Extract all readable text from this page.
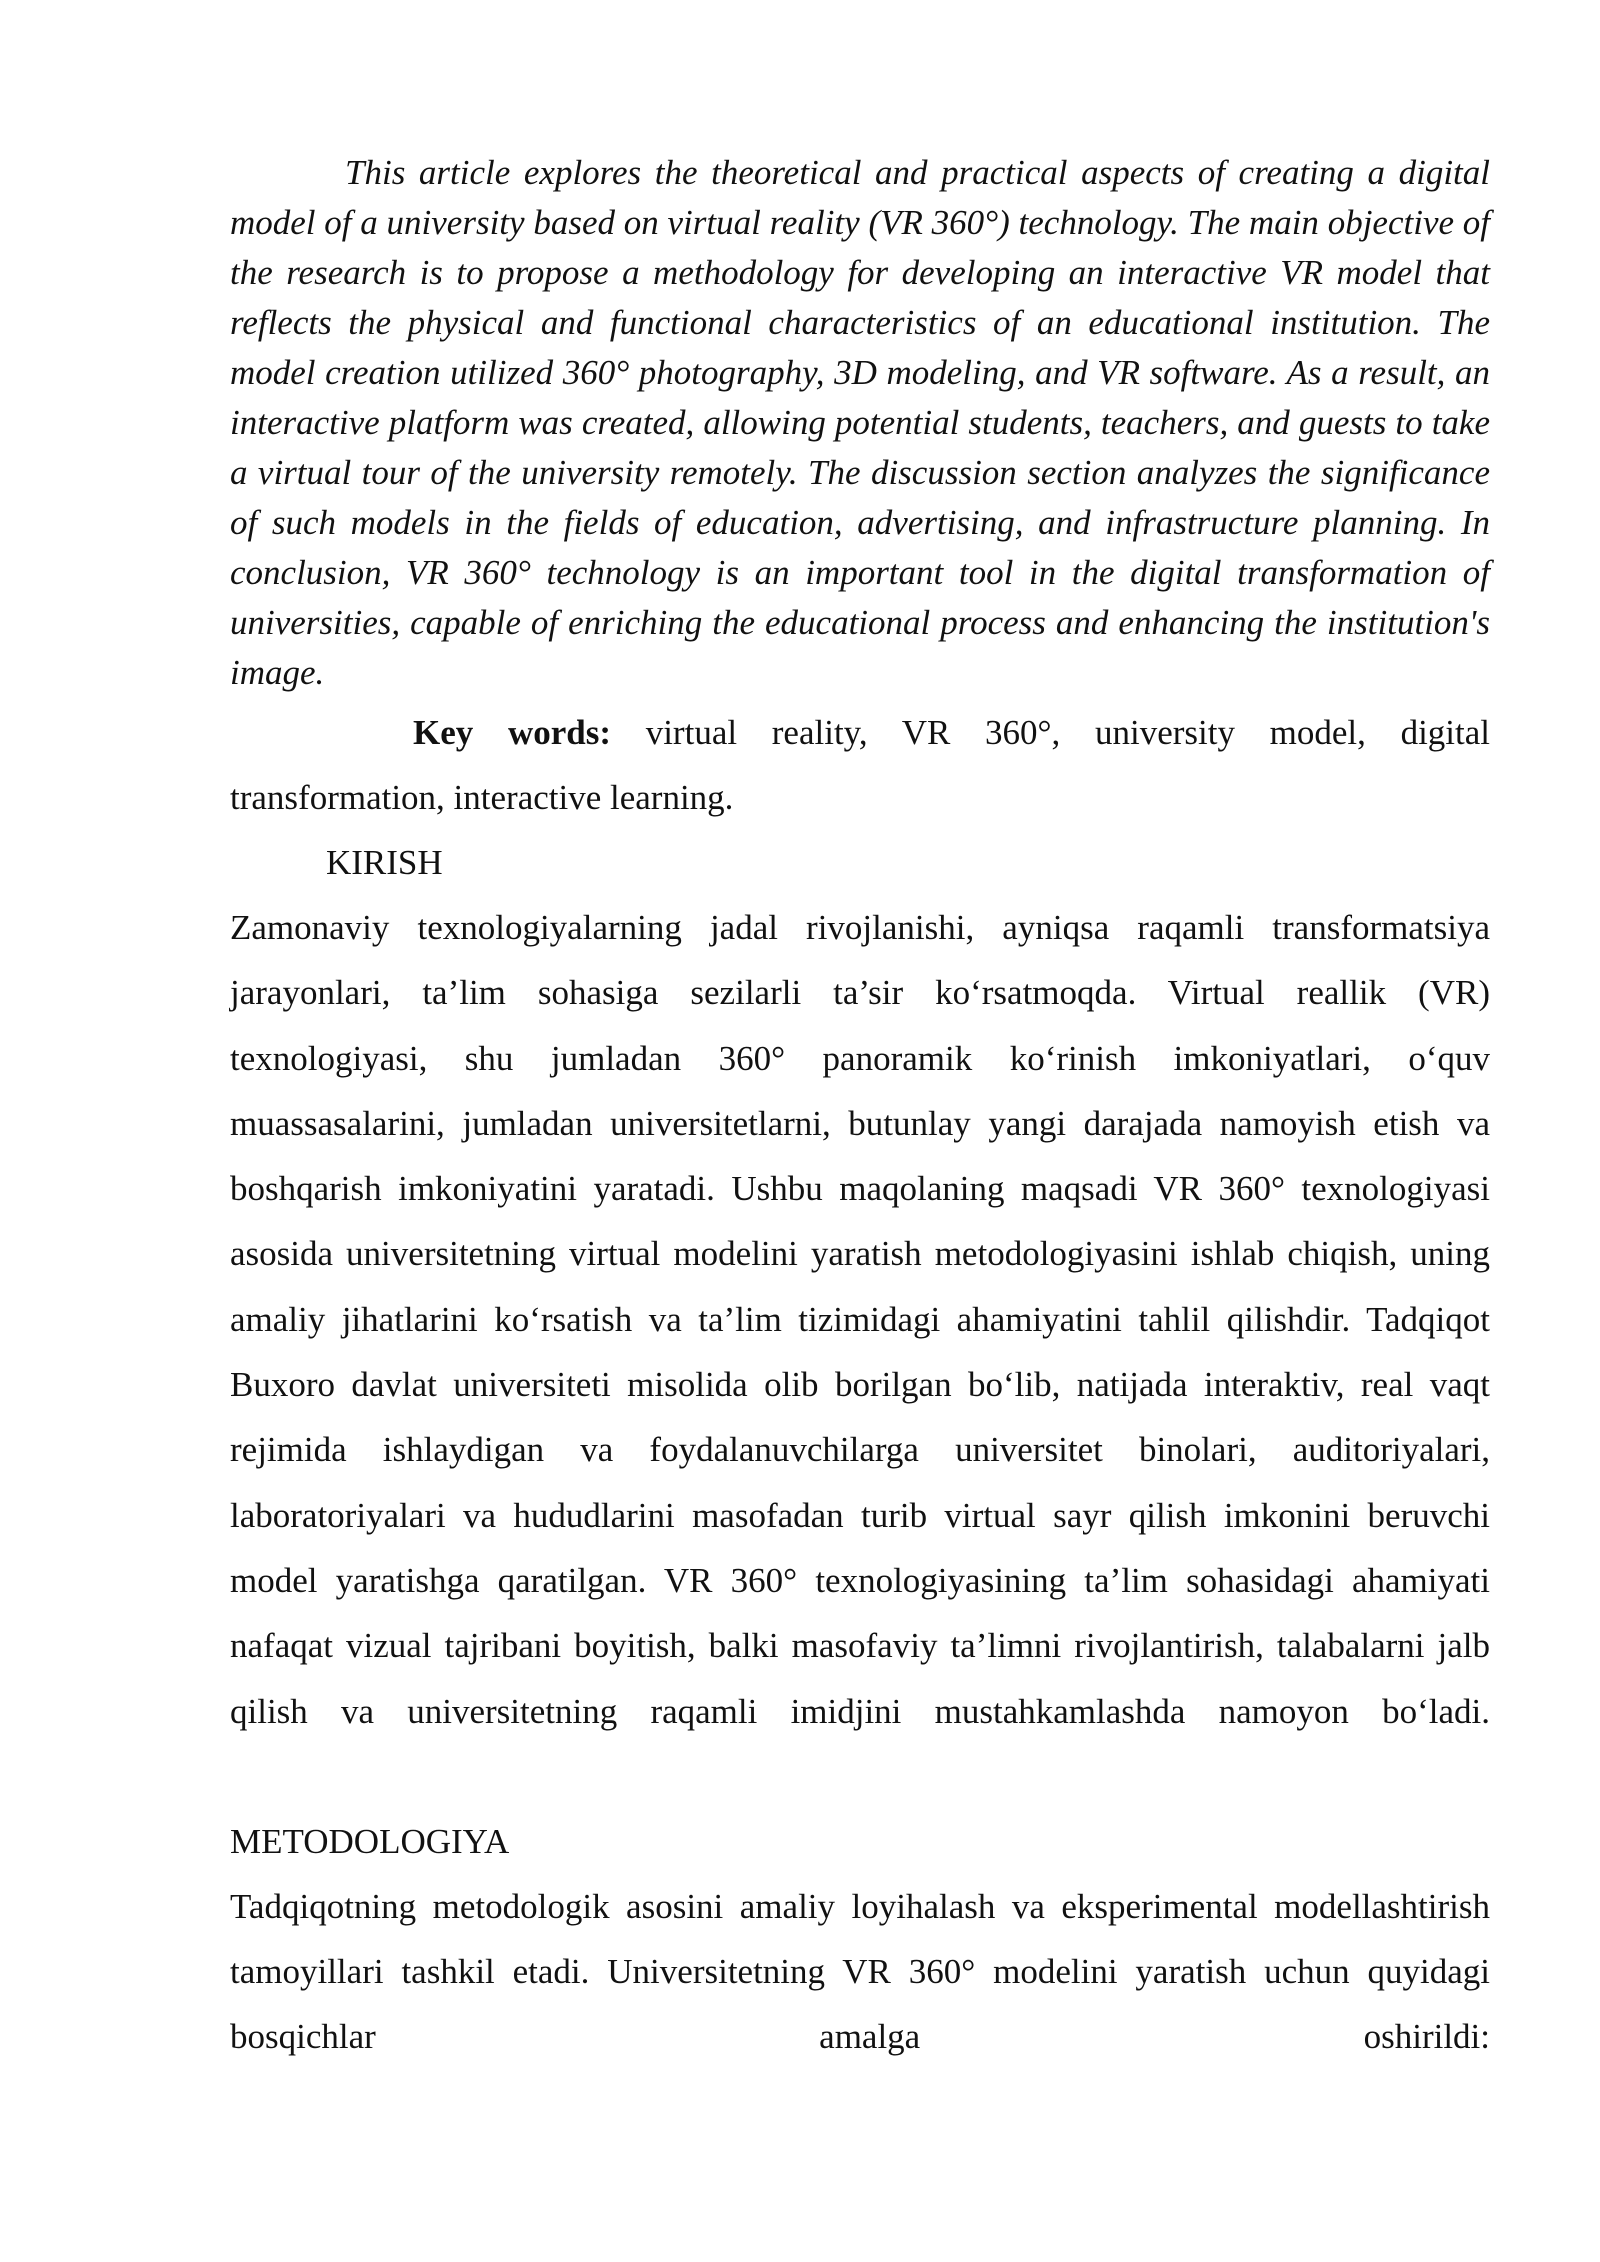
This article explores the theoretical and practical aspects of creating a digital model of a university based on virtual reality (VR 360°) technology. The main objective of the research is to propose a methodology for developing an interactive VR model that reflects the physical and functional characteristics of an educational institution. The model creation utilized 360° photography, 3D modeling, and VR software. As a result, an interactive platform was created, allowing potential students, teachers, and guests to take a virtual tour of the university remotely. The discussion section analyzes the significance of such models in the fields of education, advertising, and infrastructure planning. In conclusion, VR 360° technology is an important tool in the digital transformation of universities, capable of enriching the educational process and enhancing the institution's image.

Key words: virtual reality, VR 360°, university model, digital transformation, interactive learning.

KIRISH

Zamonaviy texnologiyalarning jadal rivojlanishi, ayniqsa raqamli transformatsiya jarayonlari, ta’lim sohasiga sezilarli ta’sir ko‘rsatmoqda. Virtual reallik (VR) texnologiyasi, shu jumladan 360° panoramik ko‘rinish imkoniyatlari, o‘quv muassasalarini, jumladan universitetlarni, butunlay yangi darajada namoyish etish va boshqarish imkoniyatini yaratadi. Ushbu maqolaning maqsadi VR 360° texnologiyasi asosida universitetning virtual modelini yaratish metodologiyasini ishlab chiqish, uning amaliy jihatlarini ko‘rsatish va ta’lim tizimidagi ahamiyatini tahlil qilishdir. Tadqiqot Buxoro davlat universiteti misolida olib borilgan bo‘lib, natijada interaktiv, real vaqt rejimida ishlaydigan va foydalanuvchilarga universitet binolari, auditoriyalari, laboratoriyalari va hududlarini masofadan turib virtual sayr qilish imkonini beruvchi model yaratishga qaratilgan. VR 360° texnologiyasining ta’lim sohasidagi ahamiyati nafaqat vizual tajribani boyitish, balki masofaviy ta’limni rivojlantirish, talabalarni jalb qilish va universitetning raqamli imidjini mustahkamlashda namoyon bo‘ladi.

METODOLOGIYA

Tadqiqotning metodologik asosini amaliy loyihalash va eksperimental modellashtirish tamoyillari tashkil etadi. Universitetning VR 360° modelini yaratish uchun quyidagi bosqichlar amalga oshirildi:
